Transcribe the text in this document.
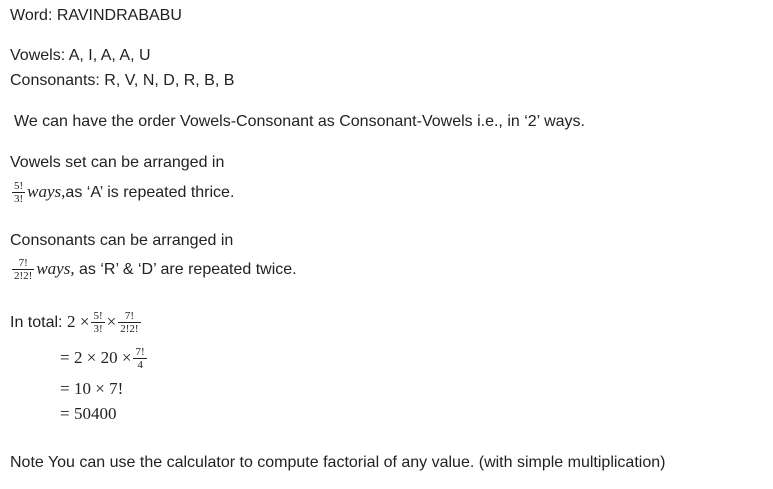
Word: RAVINDRABABU
Vowels: A, I, A, A, U
Consonants: R, V, N, D, R, B, B
We can have the order Vowels-Consonant as Consonant-Vowels i.e., in ‘2’ ways.
Vowels set can be arranged in
$\frac{5!}{3!}$ ways,as ‘A’ is repeated thrice.
Consonants can be arranged in
$\frac{7!}{2!2!}$ ways, as ‘R’ & ‘D’ are repeated twice.
In total: $2 \times \frac{5!}{3!} \times \frac{7!}{2!2!}$
= $2 \times 20 \times \frac{7!}{4}$
= 10 × 7!
= 50400
Note You can use the calculator to compute factorial of any value. (with simple multiplication)
